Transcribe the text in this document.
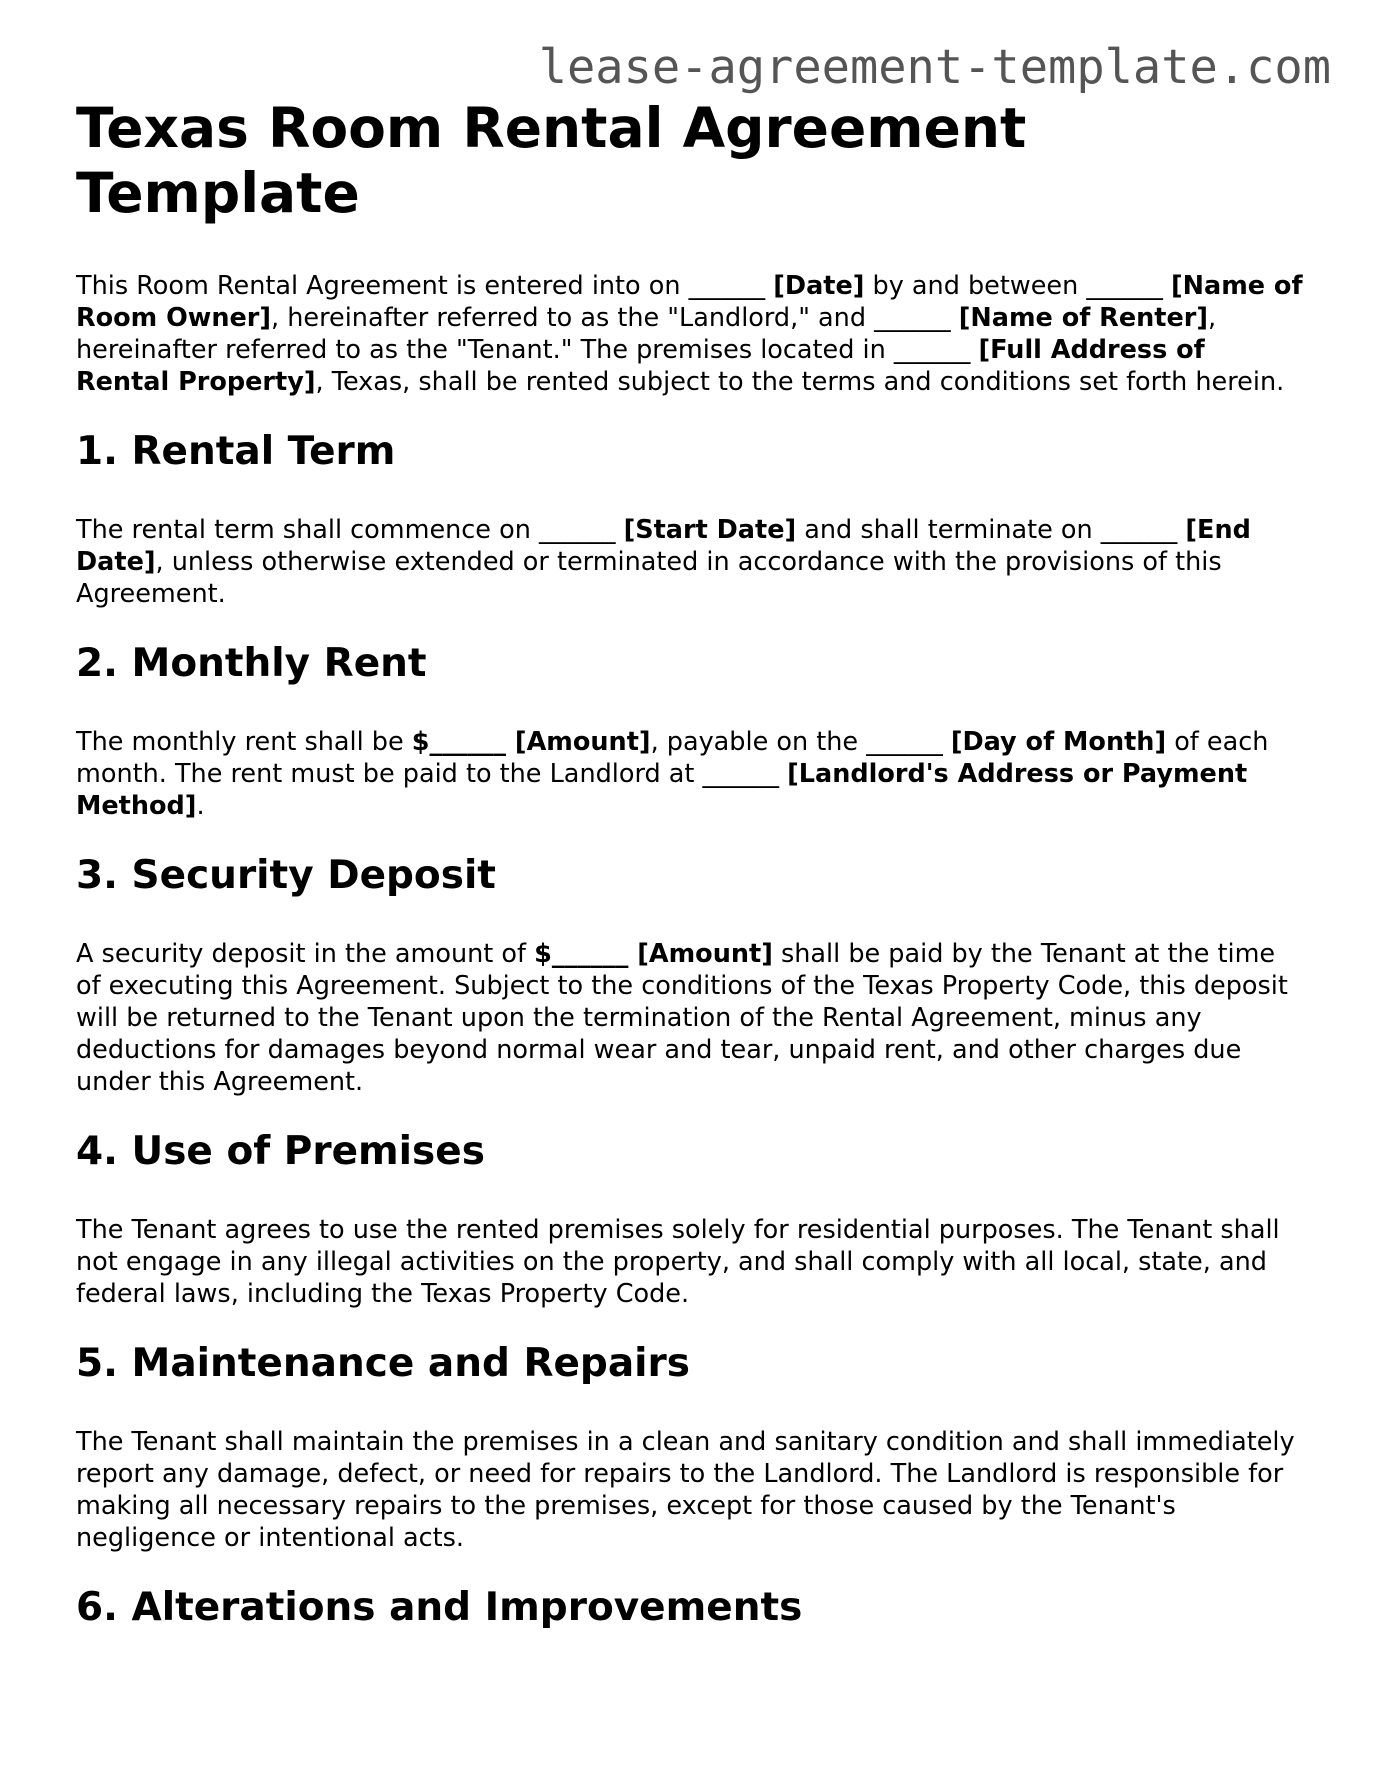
lease-agreement-template.com
Texas Room Rental Agreement Template

This Room Rental Agreement is entered into on ______ [Date] by and between ______ [Name of Room Owner], hereinafter referred to as the "Landlord," and ______ [Name of Renter], hereinafter referred to as the "Tenant." The premises located in ______ [Full Address of Rental Property], Texas, shall be rented subject to the terms and conditions set forth herein.

1. Rental Term

The rental term shall commence on ______ [Start Date] and shall terminate on ______ [End Date], unless otherwise extended or terminated in accordance with the provisions of this Agreement.

2. Monthly Rent

The monthly rent shall be $______ [Amount], payable on the ______ [Day of Month] of each month. The rent must be paid to the Landlord at ______ [Landlord's Address or Payment Method].

3. Security Deposit

A security deposit in the amount of $______ [Amount] shall be paid by the Tenant at the time of executing this Agreement. Subject to the conditions of the Texas Property Code, this deposit will be returned to the Tenant upon the termination of the Rental Agreement, minus any deductions for damages beyond normal wear and tear, unpaid rent, and other charges due under this Agreement.

4. Use of Premises

The Tenant agrees to use the rented premises solely for residential purposes. The Tenant shall not engage in any illegal activities on the property, and shall comply with all local, state, and federal laws, including the Texas Property Code.

5. Maintenance and Repairs

The Tenant shall maintain the premises in a clean and sanitary condition and shall immediately report any damage, defect, or need for repairs to the Landlord. The Landlord is responsible for making all necessary repairs to the premises, except for those caused by the Tenant's negligence or intentional acts.

6. Alterations and Improvements
